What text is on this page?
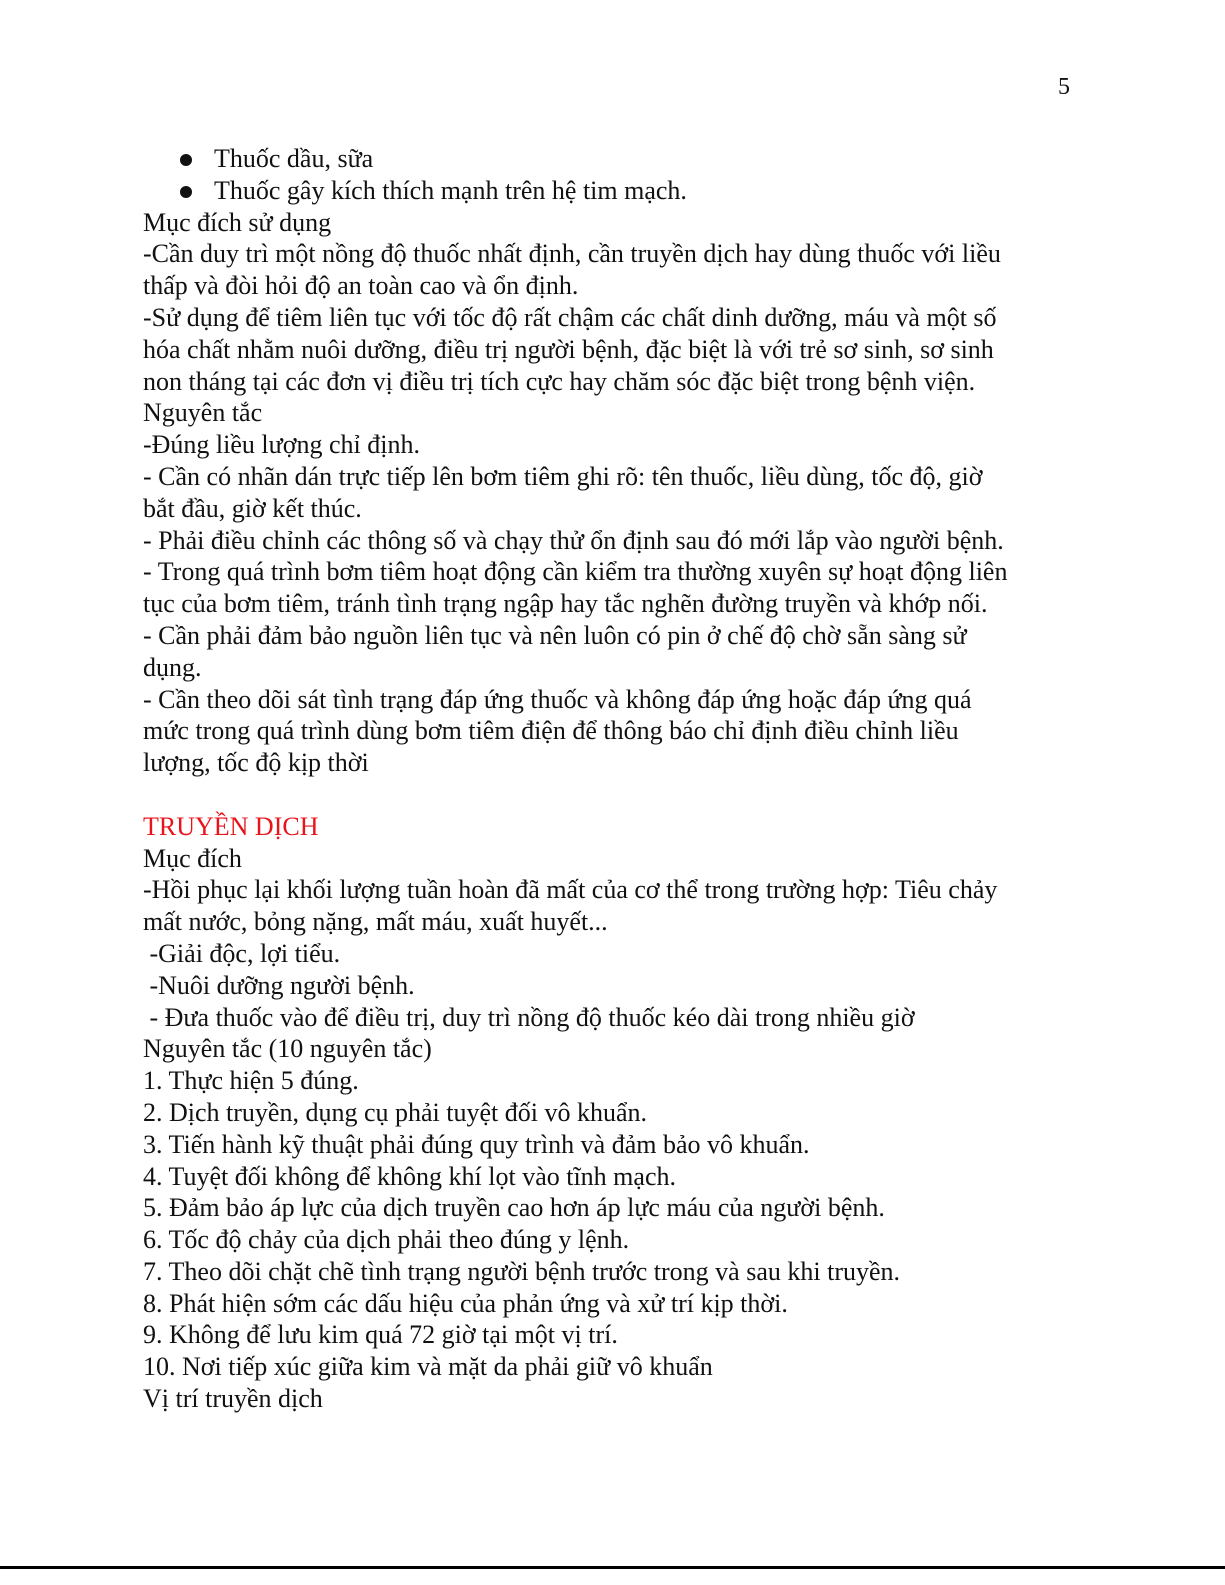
5
Thuốc dầu, sữa
Thuốc gây kích thích mạnh trên hệ tim mạch.
Mục đích sử dụng
-Cần duy trì một nồng độ thuốc nhất định, cần truyền dịch hay dùng thuốc với liều
thấp và đòi hỏi độ an toàn cao và ổn định.
-Sử dụng để tiêm liên tục với tốc độ rất chậm các chất dinh dưỡng, máu và một số
hóa chất nhằm nuôi dưỡng, điều trị người bệnh, đặc biệt là với trẻ sơ sinh, sơ sinh
non tháng tại các đơn vị điều trị tích cực hay chăm sóc đặc biệt trong bệnh viện.
Nguyên tắc
-Đúng liều lượng chỉ định.
- Cần có nhãn dán trực tiếp lên bơm tiêm ghi rõ: tên thuốc, liều dùng, tốc độ, giờ
bắt đầu, giờ kết thúc.
- Phải điều chỉnh các thông số và chạy thử ổn định sau đó mới lắp vào người bệnh.
- Trong quá trình bơm tiêm hoạt động cần kiểm tra thường xuyên sự hoạt động liên
tục của bơm tiêm, tránh tình trạng ngập hay tắc nghẽn đường truyền và khớp nối.
- Cần phải đảm bảo nguồn liên tục và nên luôn có pin ở chế độ chờ sẵn sàng sử
dụng.
- Cần theo dõi sát tình trạng đáp ứng thuốc và không đáp ứng hoặc đáp ứng quá
mức trong quá trình dùng bơm tiêm điện để thông báo chỉ định điều chỉnh liều
lượng, tốc độ kịp thời
TRUYỀN DỊCH
Mục đích
-Hồi phục lại khối lượng tuần hoàn đã mất của cơ thể trong trường hợp: Tiêu chảy
mất nước, bỏng nặng, mất máu, xuất huyết...
-Giải độc, lợi tiểu.
-Nuôi dưỡng người bệnh.
- Đưa thuốc vào để điều trị, duy trì nồng độ thuốc kéo dài trong nhiều giờ
Nguyên tắc (10 nguyên tắc)
1. Thực hiện 5 đúng.
2. Dịch truyền, dụng cụ phải tuyệt đối vô khuẩn.
3. Tiến hành kỹ thuật phải đúng quy trình và đảm bảo vô khuẩn.
4. Tuyệt đối không để không khí lọt vào tĩnh mạch.
5. Đảm bảo áp lực của dịch truyền cao hơn áp lực máu của người bệnh.
6. Tốc độ chảy của dịch phải theo đúng y lệnh.
7. Theo dõi chặt chẽ tình trạng người bệnh trước trong và sau khi truyền.
8. Phát hiện sớm các dấu hiệu của phản ứng và xử trí kịp thời.
9. Không để lưu kim quá 72 giờ tại một vị trí.
10. Nơi tiếp xúc giữa kim và mặt da phải giữ vô khuẩn
Vị trí truyền dịch
